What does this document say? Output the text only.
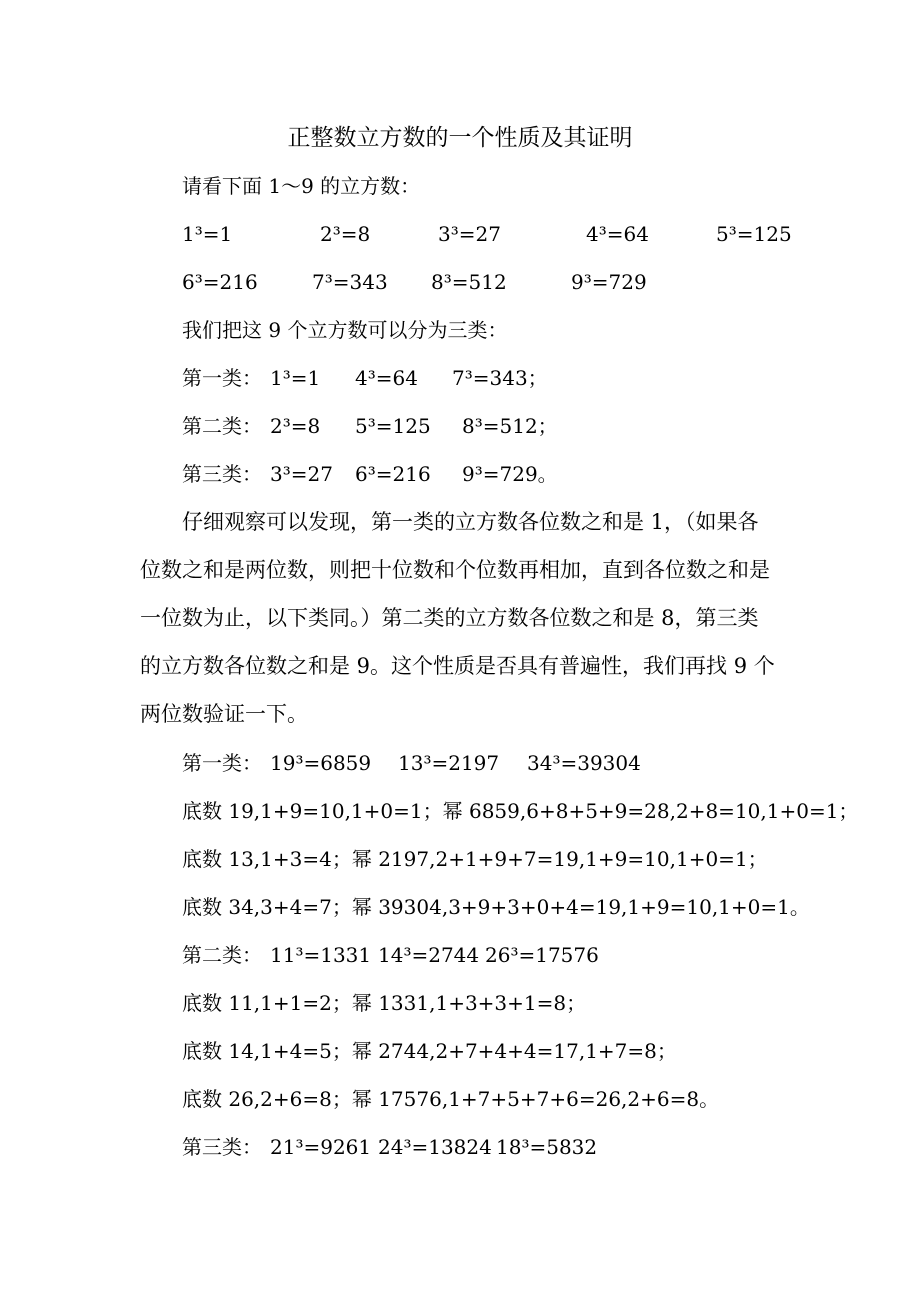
正整数立方数的一个性质及其证明
请看下面 1～9 的立方数：
1³=1	2³=8	3³=27	4³=64	5³=125
6³=216	7³=343 8³=512	9³=729
我们把这 9 个立方数可以分为三类：
第一类： 1³=1 4³=64 7³=343；
第二类： 2³=8 5³=125 8³=512；
第三类： 3³=27 6³=216 9³=729。
仔细观察可以发现，第一类的立方数各位数之和是 1，（如果各
位数之和是两位数，则把十位数和个位数再相加，直到各位数之和是
一位数为止，以下类同。）第二类的立方数各位数之和是 8，第三类
的立方数各位数之和是 9。这个性质是否具有普遍性，我们再找 9 个
两位数验证一下。
第一类： 19³=6859 13³=2197 34³=39304
底数 19,1+9=10,1+0=1；幂 6859,6+8+5+9=28,2+8=10,1+0=1；
底数 13,1+3=4；幂 2197,2+1+9+7=19,1+9=10,1+0=1；
底数 34,3+4=7；幂 39304,3+9+3+0+4=19,1+9=10,1+0=1。
第二类： 11³=1331 14³=2744 26³=17576
底数 11,1+1=2；幂 1331,1+3+3+1=8；
底数 14,1+4=5；幂 2744,2+7+4+4=17,1+7=8；
底数 26,2+6=8；幂 17576,1+7+5+7+6=26,2+6=8。
第三类： 21³=9261 24³=13824 18³=5832
